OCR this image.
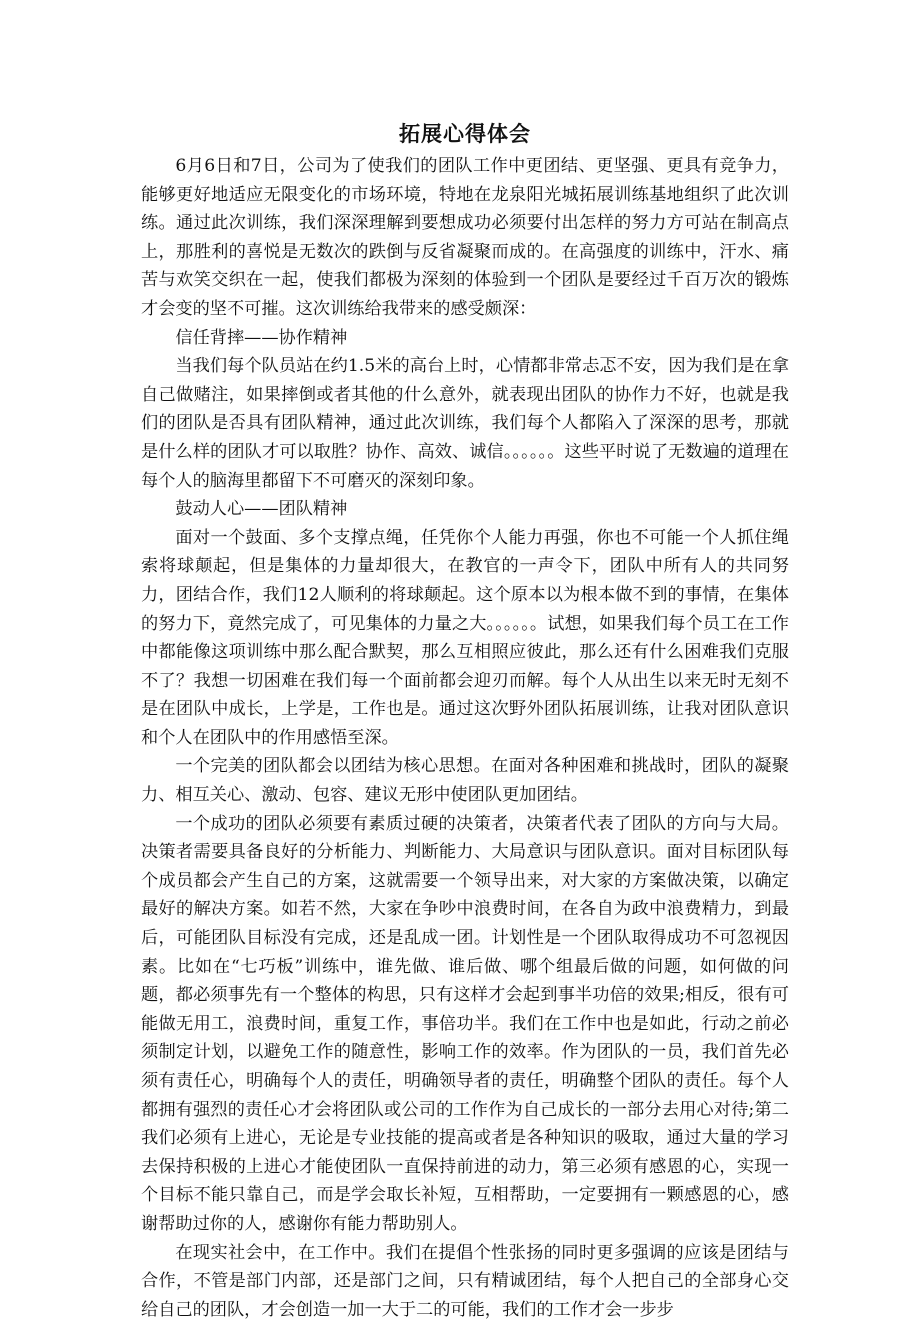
拓展心得体会

6月6日和7日，公司为了使我们的团队工作中更团结、更坚强、更具有竞争力，能够更好地适应无限变化的市场环境，特地在龙泉阳光城拓展训练基地组织了此次训练。通过此次训练，我们深深理解到要想成功必须要付出怎样的努力方可站在制高点上，那胜利的喜悦是无数次的跌倒与反省凝聚而成的。在高强度的训练中，汗水、痛苦与欢笑交织在一起，使我们都极为深刻的体验到一个团队是要经过千百万次的锻炼才会变的坚不可摧。这次训练给我带来的感受颇深：

信任背摔——协作精神

当我们每个队员站在约1.5米的高台上时，心情都非常忐忑不安，因为我们是在拿自己做赌注，如果摔倒或者其他的什么意外，就表现出团队的协作力不好，也就是我们的团队是否具有团队精神，通过此次训练，我们每个人都陷入了深深的思考，那就是什么样的团队才可以取胜？协作、高效、诚信。。。。。。这些平时说了无数遍的道理在每个人的脑海里都留下不可磨灭的深刻印象。

鼓动人心——团队精神

面对一个鼓面、多个支撑点绳，任凭你个人能力再强，你也不可能一个人抓住绳索将球颠起，但是集体的力量却很大，在教官的一声令下，团队中所有人的共同努力，团结合作，我们12人顺利的将球颠起。这个原本以为根本做不到的事情，在集体的努力下，竟然完成了，可见集体的力量之大。。。。。。试想，如果我们每个员工在工作中都能像这项训练中那么配合默契，那么互相照应彼此，那么还有什么困难我们克服不了？我想一切困难在我们每一个面前都会迎刃而解。每个人从出生以来无时无刻不是在团队中成长，上学是，工作也是。通过这次野外团队拓展训练，让我对团队意识和个人在团队中的作用感悟至深。

一个完美的团队都会以团结为核心思想。在面对各种困难和挑战时，团队的凝聚力、相互关心、激动、包容、建议无形中使团队更加团结。

一个成功的团队必须要有素质过硬的决策者，决策者代表了团队的方向与大局。决策者需要具备良好的分析能力、判断能力、大局意识与团队意识。面对目标团队每个成员都会产生自己的方案，这就需要一个领导出来，对大家的方案做决策，以确定最好的解决方案。如若不然，大家在争吵中浪费时间，在各自为政中浪费精力，到最后，可能团队目标没有完成，还是乱成一团。计划性是一个团队取得成功不可忽视因素。比如在“七巧板”训练中，谁先做、谁后做、哪个组最后做的问题，如何做的问题，都必须事先有一个整体的构思，只有这样才会起到事半功倍的效果;相反，很有可能做无用工，浪费时间，重复工作，事倍功半。我们在工作中也是如此，行动之前必须制定计划，以避免工作的随意性，影响工作的效率。作为团队的一员，我们首先必须有责任心，明确每个人的责任，明确领导者的责任，明确整个团队的责任。每个人都拥有强烈的责任心才会将团队或公司的工作作为自己成长的一部分去用心对待;第二我们必须有上进心，无论是专业技能的提高或者是各种知识的吸取，通过大量的学习去保持积极的上进心才能使团队一直保持前进的动力，第三必须有感恩的心，实现一个目标不能只靠自己，而是学会取长补短，互相帮助，一定要拥有一颗感恩的心，感谢帮助过你的人，感谢你有能力帮助别人。

在现实社会中，在工作中。我们在提倡个性张扬的同时更多强调的应该是团结与合作，不管是部门内部，还是部门之间，只有精诚团结，每个人把自己的全部身心交给自己的团队，才会创造一加一大于二的可能，我们的工作才会一步步
